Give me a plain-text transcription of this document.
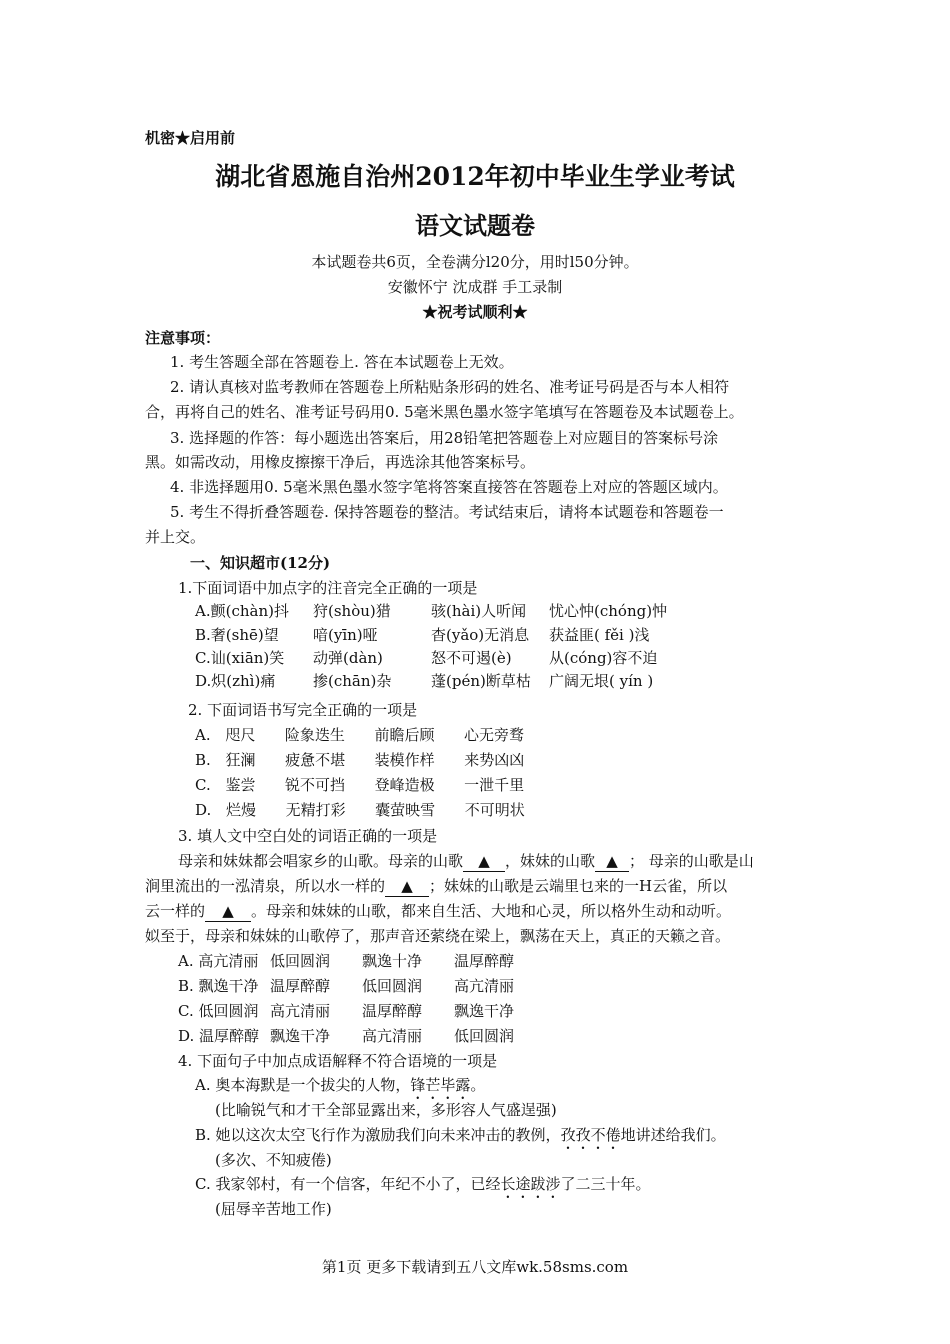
机密★启用前
湖北省恩施自治州2012年初中毕业生学业考试
语文试题卷
本试题卷共6页，全卷满分l20分，用时l50分钟。
安徽怀宁 沈成群 手工录制
★祝考试顺利★
注意事项：
1. 考生答题全部在答题卷上. 答在本试题卷上无效。
2. 请认真核对监考教师在答题卷上所粘贴条形码的姓名、准考证号码是否与本人相符
合，再将自己的姓名、准考证号码用0. 5毫米黑色墨水签字笔填写在答题卷及本试题卷上。
3. 选择题的作答：每小题选出答案后，用28铅笔把答题卷上对应题目的答案标号涂
黑。如需改动，用橡皮擦擦干净后，再选涂其他答案标号。
4. 非选择题用0. 5毫米黑色墨水签字笔将答案直接答在答题卷上对应的答题区域内。
5. 考生不得折叠答题卷. 保持答题卷的整洁。考试结束后，请将本试题卷和答题卷一
并上交。
一、知识超市(12分)
1.下面词语中加点字的注音完全正确的一项是
A.颤(chàn)抖 狩(shòu)猎	骇(hài)人听闻 忧心忡(chóng)忡
B.奢(shē)望 喑(yīn)哑	杳(yǎo)无消息 获益匪( fěi )浅
C.讪(xiān)笑 动弹(dàn)	怒不可遏(è) 从(cóng)容不迫
D.炽(zhì)痛	掺(chān)杂	蓬(pén)断草枯 广阔无垠( yín )
2. 下面词语书写完全正确的一项是
A. 咫尺 险象迭生 前瞻后顾 心无旁骛
B. 狂澜 疲惫不堪 装模作样 来势凶凶
C. 鉴尝 锐不可挡 登峰造极 一泄千里
D. 烂熳 无精打彩 囊萤映雪 不可明状
3. 填人文中空白处的词语正确的一项是
母亲和妹妹都会唱家乡的山歌。母亲的山歌 ▲ ，妹妹的山歌 ▲ ； 母亲的山歌是山
涧里流出的一泓清泉，所以水一样的 ▲ ；妹妹的山歌是云端里乜来的一H云雀，所以
云一样的 ▲ 。母亲和妹妹的山歌，都来自生活、大地和心灵，所以格外生动和动听。
姒至于，母亲和妹妹的山歌停了，那声音还萦绕在梁上，飘荡在天上，真正的天籁之音。
A. 高亢清丽 低回圆润 飘逸十净 温厚醉醇
B. 飘逸干净 温厚醉醇 低回圆润 高亢清丽
C. 低回圆润 高亢清丽 温厚醉醇 飘逸干净
D. 温厚醉醇 飘逸干净 高亢清丽 低回圆润
4. 下面句子中加点成语解释不符合语境的一项是
A. 奥本海默是一个拔尖的人物，锋芒毕露。
(比喻锐气和才干全部显露出来，多形容人气盛逞强)
B. 她以这次太空飞行作为激励我们向未来冲击的教例，孜孜不倦地讲述给我们。
(多次、不知疲倦)
C. 我家邻村，有一个信客，年纪不小了，已经长途跋涉了二三十年。
(屈辱辛苦地工作)
第1页 更多下载请到五八文库wk.58sms.com
